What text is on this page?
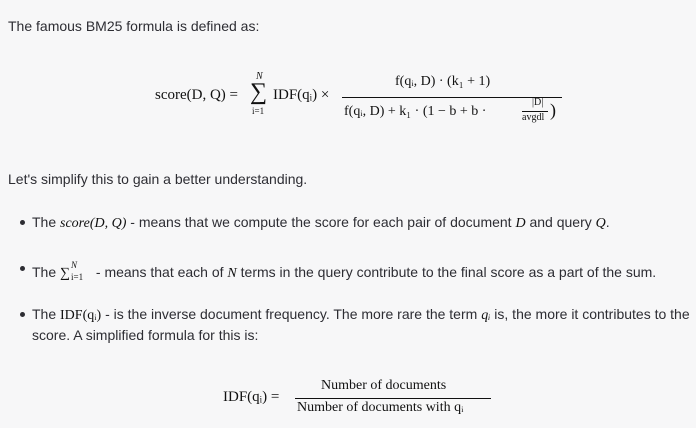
The famous BM25 formula is defined as:
score(D, Q) =
N
∑
i=1
IDF(qᵢ) ×
f(qᵢ, D) · (k₁ + 1)
f(qᵢ, D) + k₁ · (1 − b + b ·
|D|
avgdl )
Let's simplify this to gain a better understanding.
The score(D, Q) - means that we compute the score for each pair of document D and query Q.
The ∑
N
i=1 - means that each of N terms in the query contribute to the final score as a part of the sum.
The IDF(qᵢ) - is the inverse document frequency. The more rare the term qᵢ is, the more it contributes to the
score. A simplified formula for this is:
IDF(qᵢ) =
Number of documents
Number of documents with qᵢ
